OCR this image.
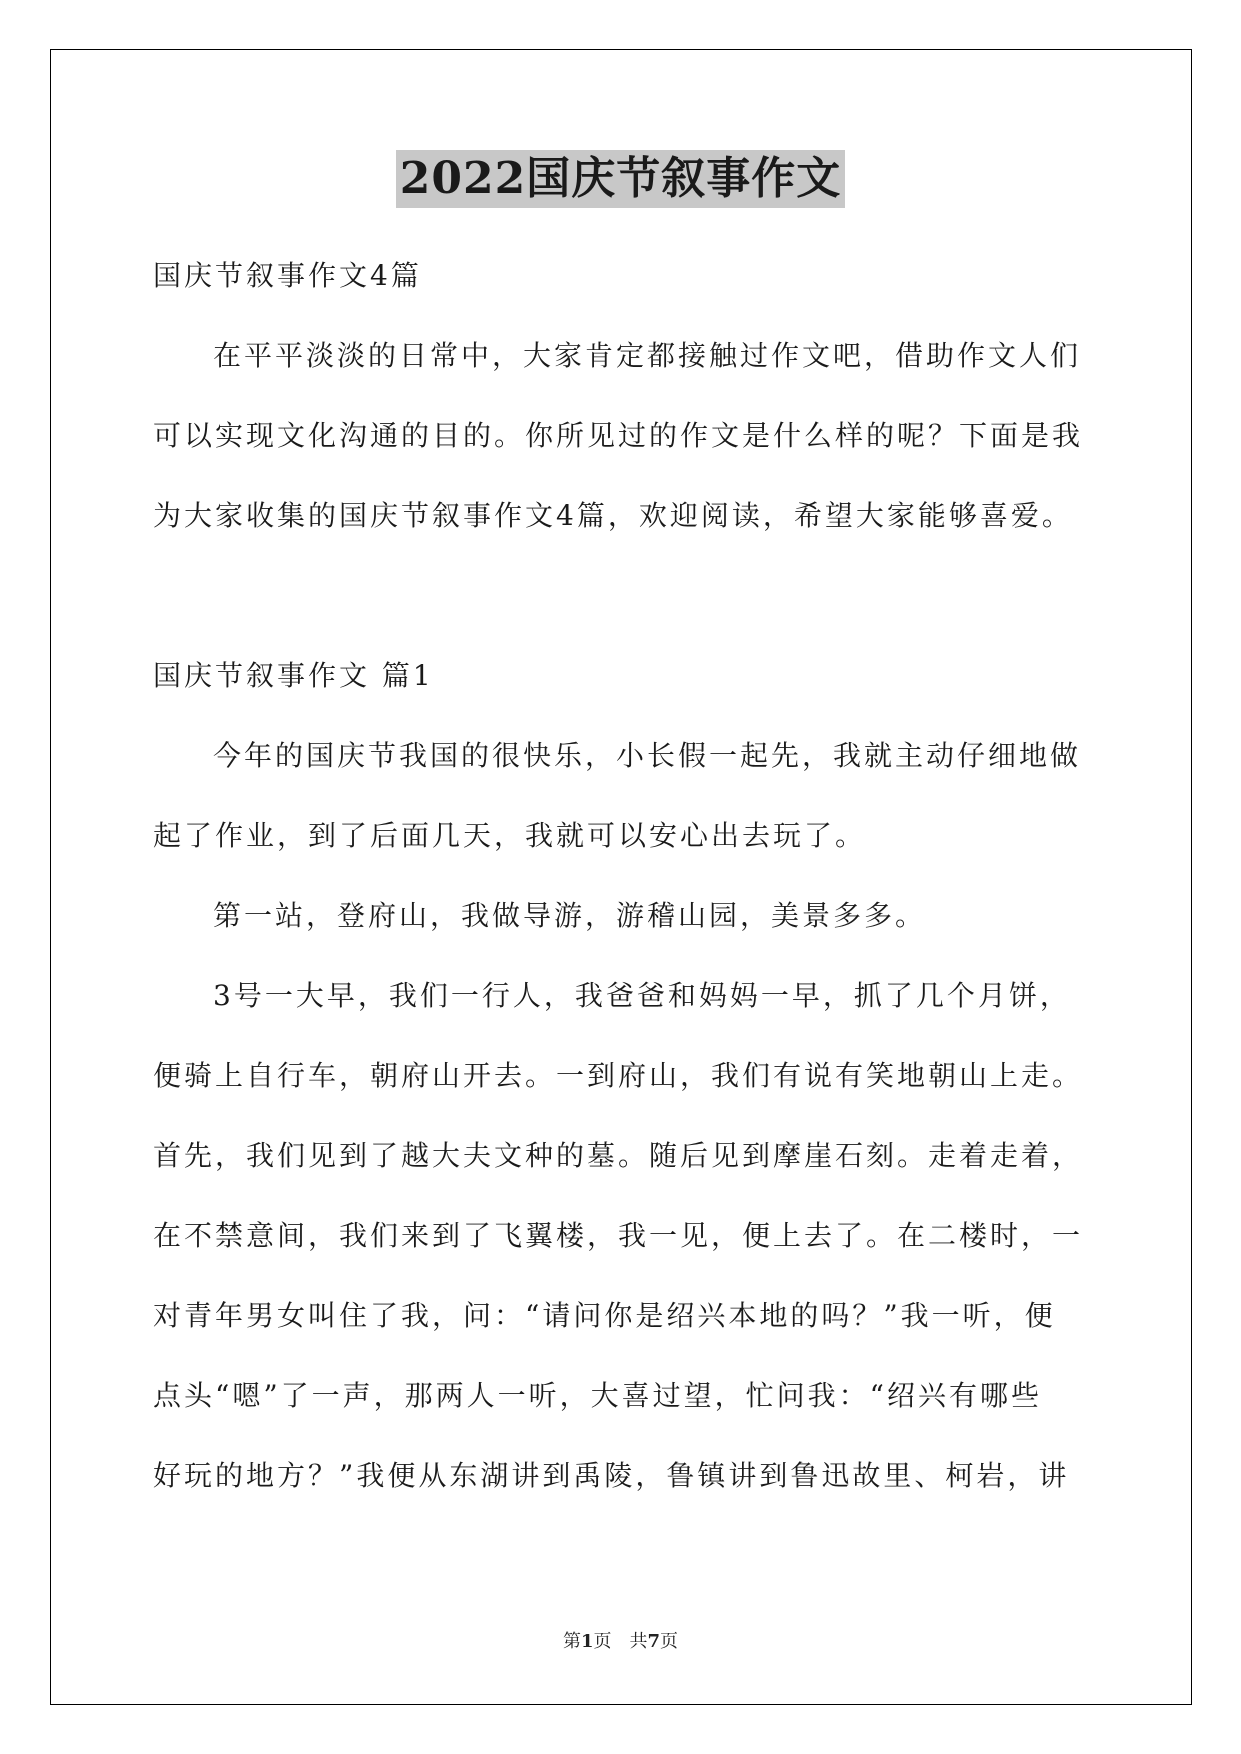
2022国庆节叙事作文
国庆节叙事作文4篇
在平平淡淡的日常中，大家肯定都接触过作文吧，借助作文人们
可以实现文化沟通的目的。你所见过的作文是什么样的呢？下面是我
为大家收集的国庆节叙事作文4篇，欢迎阅读，希望大家能够喜爱。
国庆节叙事作文 篇1
今年的国庆节我国的很快乐，小长假一起先，我就主动仔细地做
起了作业，到了后面几天，我就可以安心出去玩了。
第一站，登府山，我做导游，游稽山园，美景多多。
3号一大早，我们一行人，我爸爸和妈妈一早，抓了几个月饼，
便骑上自行车，朝府山开去。一到府山，我们有说有笑地朝山上走。
首先，我们见到了越大夫文种的墓。随后见到摩崖石刻。走着走着，
在不禁意间，我们来到了飞翼楼，我一见，便上去了。在二楼时，一
对青年男女叫住了我，问：“请问你是绍兴本地的吗？”我一听，便
点头“嗯”了一声，那两人一听，大喜过望，忙问我：“绍兴有哪些
好玩的地方？”我便从东湖讲到禹陵，鲁镇讲到鲁迅故里、柯岩，讲
第1页　共7页
